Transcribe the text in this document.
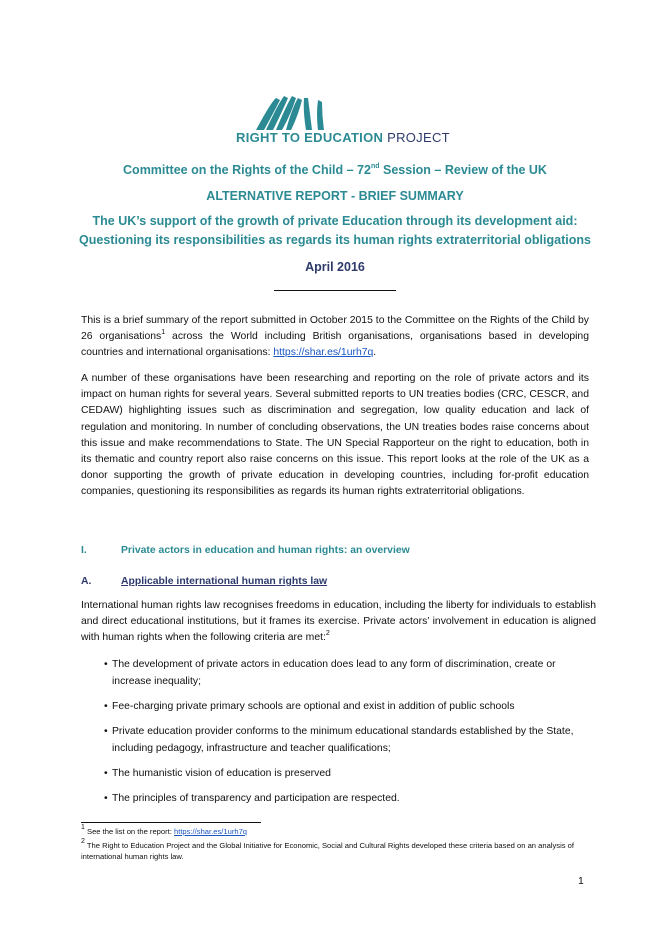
RIGHT TO EDUCATION PROJECT
Committee on the Rights of the Child – 72nd Session – Review of the UK
ALTERNATIVE REPORT - BRIEF SUMMARY
The UK’s support of the growth of private Education through its development aid:
Questioning its responsibilities as regards its human rights extraterritorial obligations
April 2016

This is a brief summary of the report submitted in October 2015 to the Committee on the Rights of the Child by 26 organisations$^1$ across the World including British organisations, organisations based in developing countries and international organisations: https://shar.es/1urh7q.

A number of these organisations have been researching and reporting on the role of private actors and its impact on human rights for several years. Several submitted reports to UN treaties bodies (CRC, CESCR, and CEDAW) highlighting issues such as discrimination and segregation, low quality education and lack of regulation and monitoring. In number of concluding observations, the UN treaties bodes raise concerns about this issue and make recommendations to State. The UN Special Rapporteur on the right to education, both in its thematic and country report also raise concerns on this issue. This report looks at the role of the UK as a donor supporting the growth of private education in developing countries, including for-profit education companies, questioning its responsibilities as regards its human rights extraterritorial obligations.

I.	Private actors in education and human rights: an overview
A.	Applicable international human rights law

International human rights law recognises freedoms in education, including the liberty for individuals to establish and direct educational institutions, but it frames its exercise. Private actors’ involvement in education is aligned with human rights when the following criteria are met:$^2$

• The development of private actors in education does lead to any form of discrimination, create or increase inequality;
• Fee-charging private primary schools are optional and exist in addition of public schools
• Private education provider conforms to the minimum educational standards established by the State, including pedagogy, infrastructure and teacher qualifications;
• The humanistic vision of education is preserved
• The principles of transparency and participation are respected.
$^1$ See the list on the report: https://shar.es/1urh7q
$^2$ The Right to Education Project and the Global Initiative for Economic, Social and Cultural Rights developed these criteria based on an analysis of international human rights law.
1
